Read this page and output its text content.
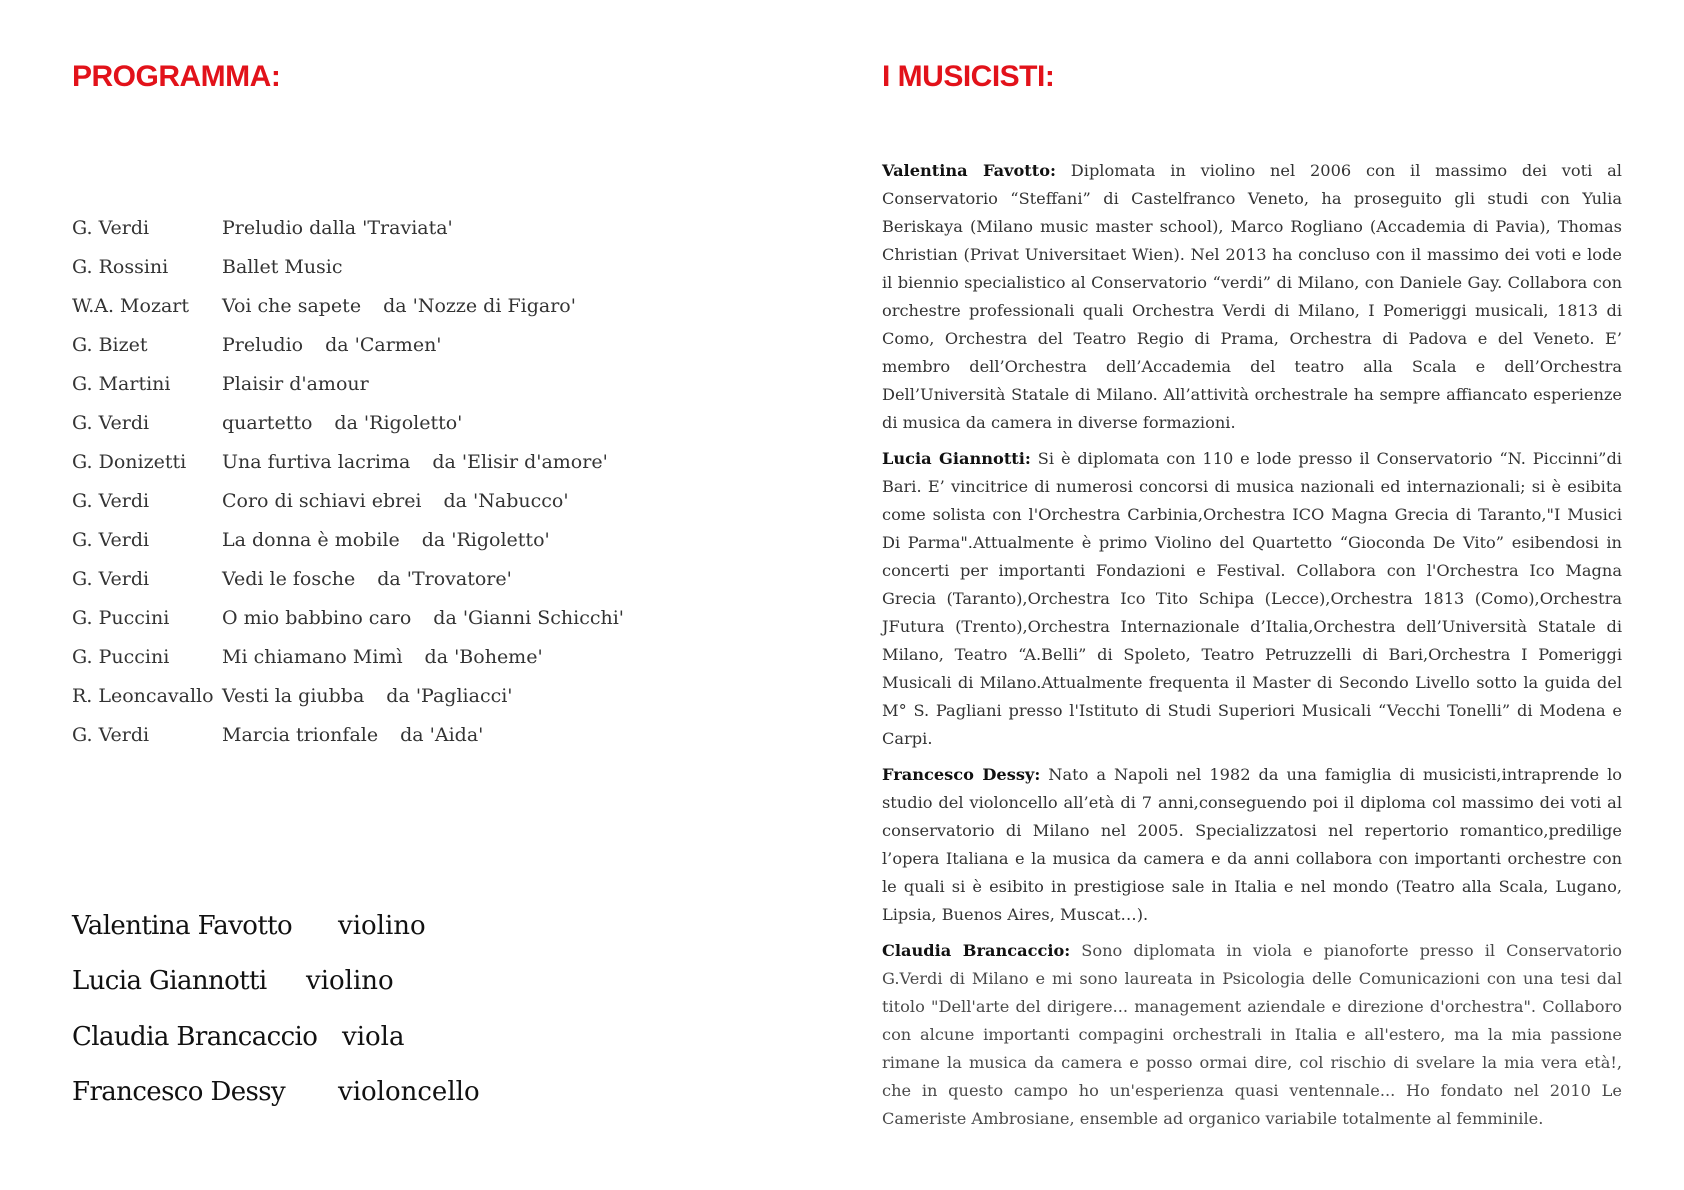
PROGRAMMA:
G. Verdi	Preludio dalla 'Traviata'
G. Rossini	Ballet Music
W.A. Mozart	Voi che sapete da 'Nozze di Figaro'
G. Bizet	Preludio da 'Carmen'
G. Martini	Plaisir d'amour
G. Verdi	quartetto da 'Rigoletto'
G. Donizetti	Una furtiva lacrima da 'Elisir d'amore'
G. Verdi	Coro di schiavi ebrei da 'Nabucco'
G. Verdi	La donna è mobile da 'Rigoletto'
G. Verdi	Vedi le fosche da 'Trovatore'
G. Puccini	O mio babbino caro da 'Gianni Schicchi'
G. Puccini	Mi chiamano Mimì da 'Boheme'
R. Leoncavallo Vesti la giubba da 'Pagliacci'
G. Verdi	Marcia trionfale da 'Aida'
Valentina Favotto	violino
Lucia Giannotti	violino
Claudia Brancaccio viola
Francesco Dessy	violoncello
I MUSICISTI:

Valentina Favotto: Diplomata in violino nel 2006 con il massimo dei voti al Conservatorio “Steffani” di Castelfranco Veneto, ha proseguito gli studi con Yulia Beriskaya (Milano music master school), Marco Rogliano (Accademia di Pavia), Thomas Christian (Privat Universitaet Wien). Nel 2013 ha concluso con il massimo dei voti e lode il biennio specialistico al Conservatorio “verdi” di Milano, con Daniele Gay. Collabora con orchestre professionali quali Orchestra Verdi di Milano, I Pomeriggi musicali, 1813 di Como, Orchestra del Teatro Regio di Prama, Orchestra di Padova e del Veneto. E’ membro dell’Orchestra dell’Accademia del teatro alla Scala e dell’Orchestra Dell’Università Statale di Milano. All’attività orchestrale ha sempre affiancato esperienze di musica da camera in diverse formazioni.

Lucia Giannotti: Si è diplomata con 110 e lode presso il Conservatorio “N. Piccinni”di Bari. E’ vincitrice di numerosi concorsi di musica nazionali ed internazionali; si è esibita come solista con l'Orchestra Carbinia,Orchestra ICO Magna Grecia di Taranto,"I Musici Di Parma".Attualmente è primo Violino del Quartetto “Gioconda De Vito” esibendosi in concerti per importanti Fondazioni e Festival. Collabora con l'Orchestra Ico Magna Grecia (Taranto),Orchestra Ico Tito Schipa (Lecce),Orchestra 1813 (Como),Orchestra JFutura (Trento),Orchestra Internazionale d’Italia,Orchestra dell’Università Statale di Milano, Teatro “A.Belli” di Spoleto, Teatro Petruzzelli di Bari,Orchestra I Pomeriggi Musicali di Milano.Attualmente frequenta il Master di Secondo Livello sotto la guida del M° S. Pagliani presso l'Istituto di Studi Superiori Musicali “Vecchi Tonelli” di Modena e Carpi.

Francesco Dessy: Nato a Napoli nel 1982 da una famiglia di musicisti,intraprende lo studio del violoncello all’età di 7 anni,conseguendo poi il diploma col massimo dei voti al conservatorio di Milano nel 2005. Specializzatosi nel repertorio romantico,predilige l’opera Italiana e la musica da camera e da anni collabora con importanti orchestre con le quali si è esibito in prestigiose sale in Italia e nel mondo (Teatro alla Scala, Lugano, Lipsia, Buenos Aires, Muscat…).

Claudia Brancaccio: Sono diplomata in viola e pianoforte presso il Conservatorio G.Verdi di Milano e mi sono laureata in Psicologia delle Comunicazioni con una tesi dal titolo "Dell'arte del dirigere... management aziendale e direzione d'orchestra". Collaboro con alcune importanti compagini orchestrali in Italia e all'estero, ma la mia passione rimane la musica da camera e posso ormai dire, col rischio di svelare la mia vera età!, che in questo campo ho un'esperienza quasi ventennale... Ho fondato nel 2010 Le Cameriste Ambrosiane, ensemble ad organico variabile totalmente al femminile.
